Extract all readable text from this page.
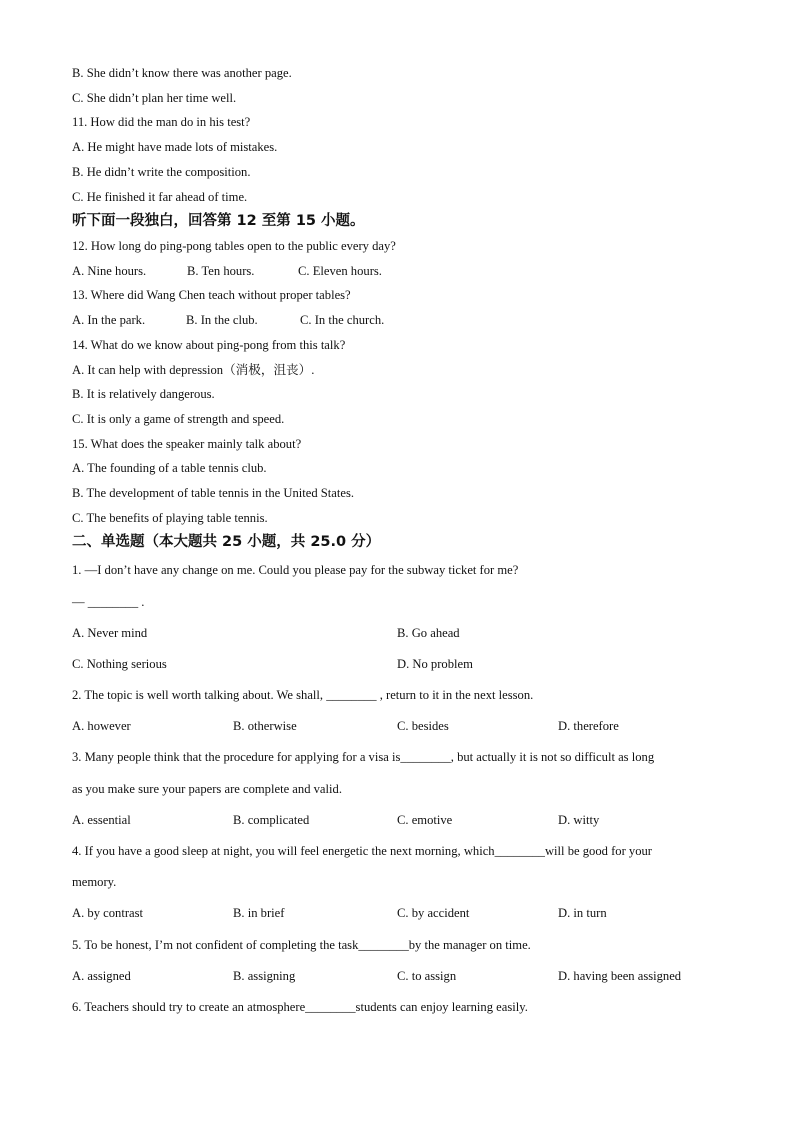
B. She didn’t know there was another page.
C. She didn’t plan her time well.
11. How did the man do in his test?
A. He might have made lots of mistakes.
B. He didn’t write the composition.
C. He finished it far ahead of time.
听下面一段独白，回答第 12 至第 15 小题。
12. How long do ping-pong tables open to the public every day?
A. Nine hours.	B. Ten hours.	C. Eleven hours.
13. Where did Wang Chen teach without proper tables?
A. In the park.	B. In the club.	C. In the church.
14. What do we know about ping-pong from this talk?
A. It can help with depression（消极，沮丧）.
B. It is relatively dangerous.
C. It is only a game of strength and speed.
15. What does the speaker mainly talk about?
A. The founding of a table tennis club.
B. The development of table tennis in the United States.
C. The benefits of playing table tennis.
二、单选题（本大题共 25 小题，共 25.0 分）
1. —I don’t have any change on me. Could you please pay for the subway ticket for me?
— ________ .
A. Never mind	B. Go ahead
C. Nothing serious	D. No problem
2. The topic is well worth talking about. We shall, ________ , return to it in the next lesson.
A. however	B. otherwise	C. besides	D. therefore
3. Many people think that the procedure for applying for a visa is________, but actually it is not so difficult as long
as you make sure your papers are complete and valid.
A. essential	B. complicated	C. emotive	D. witty
4. If you have a good sleep at night, you will feel energetic the next morning, which________will be good for your
memory.
A. by contrast	B. in brief	C. by accident	D. in turn
5. To be honest, I’m not confident of completing the task________by the manager on time.
A. assigned	B. assigning	C. to assign	D. having been assigned
6. Teachers should try to create an atmosphere________students can enjoy learning easily.
